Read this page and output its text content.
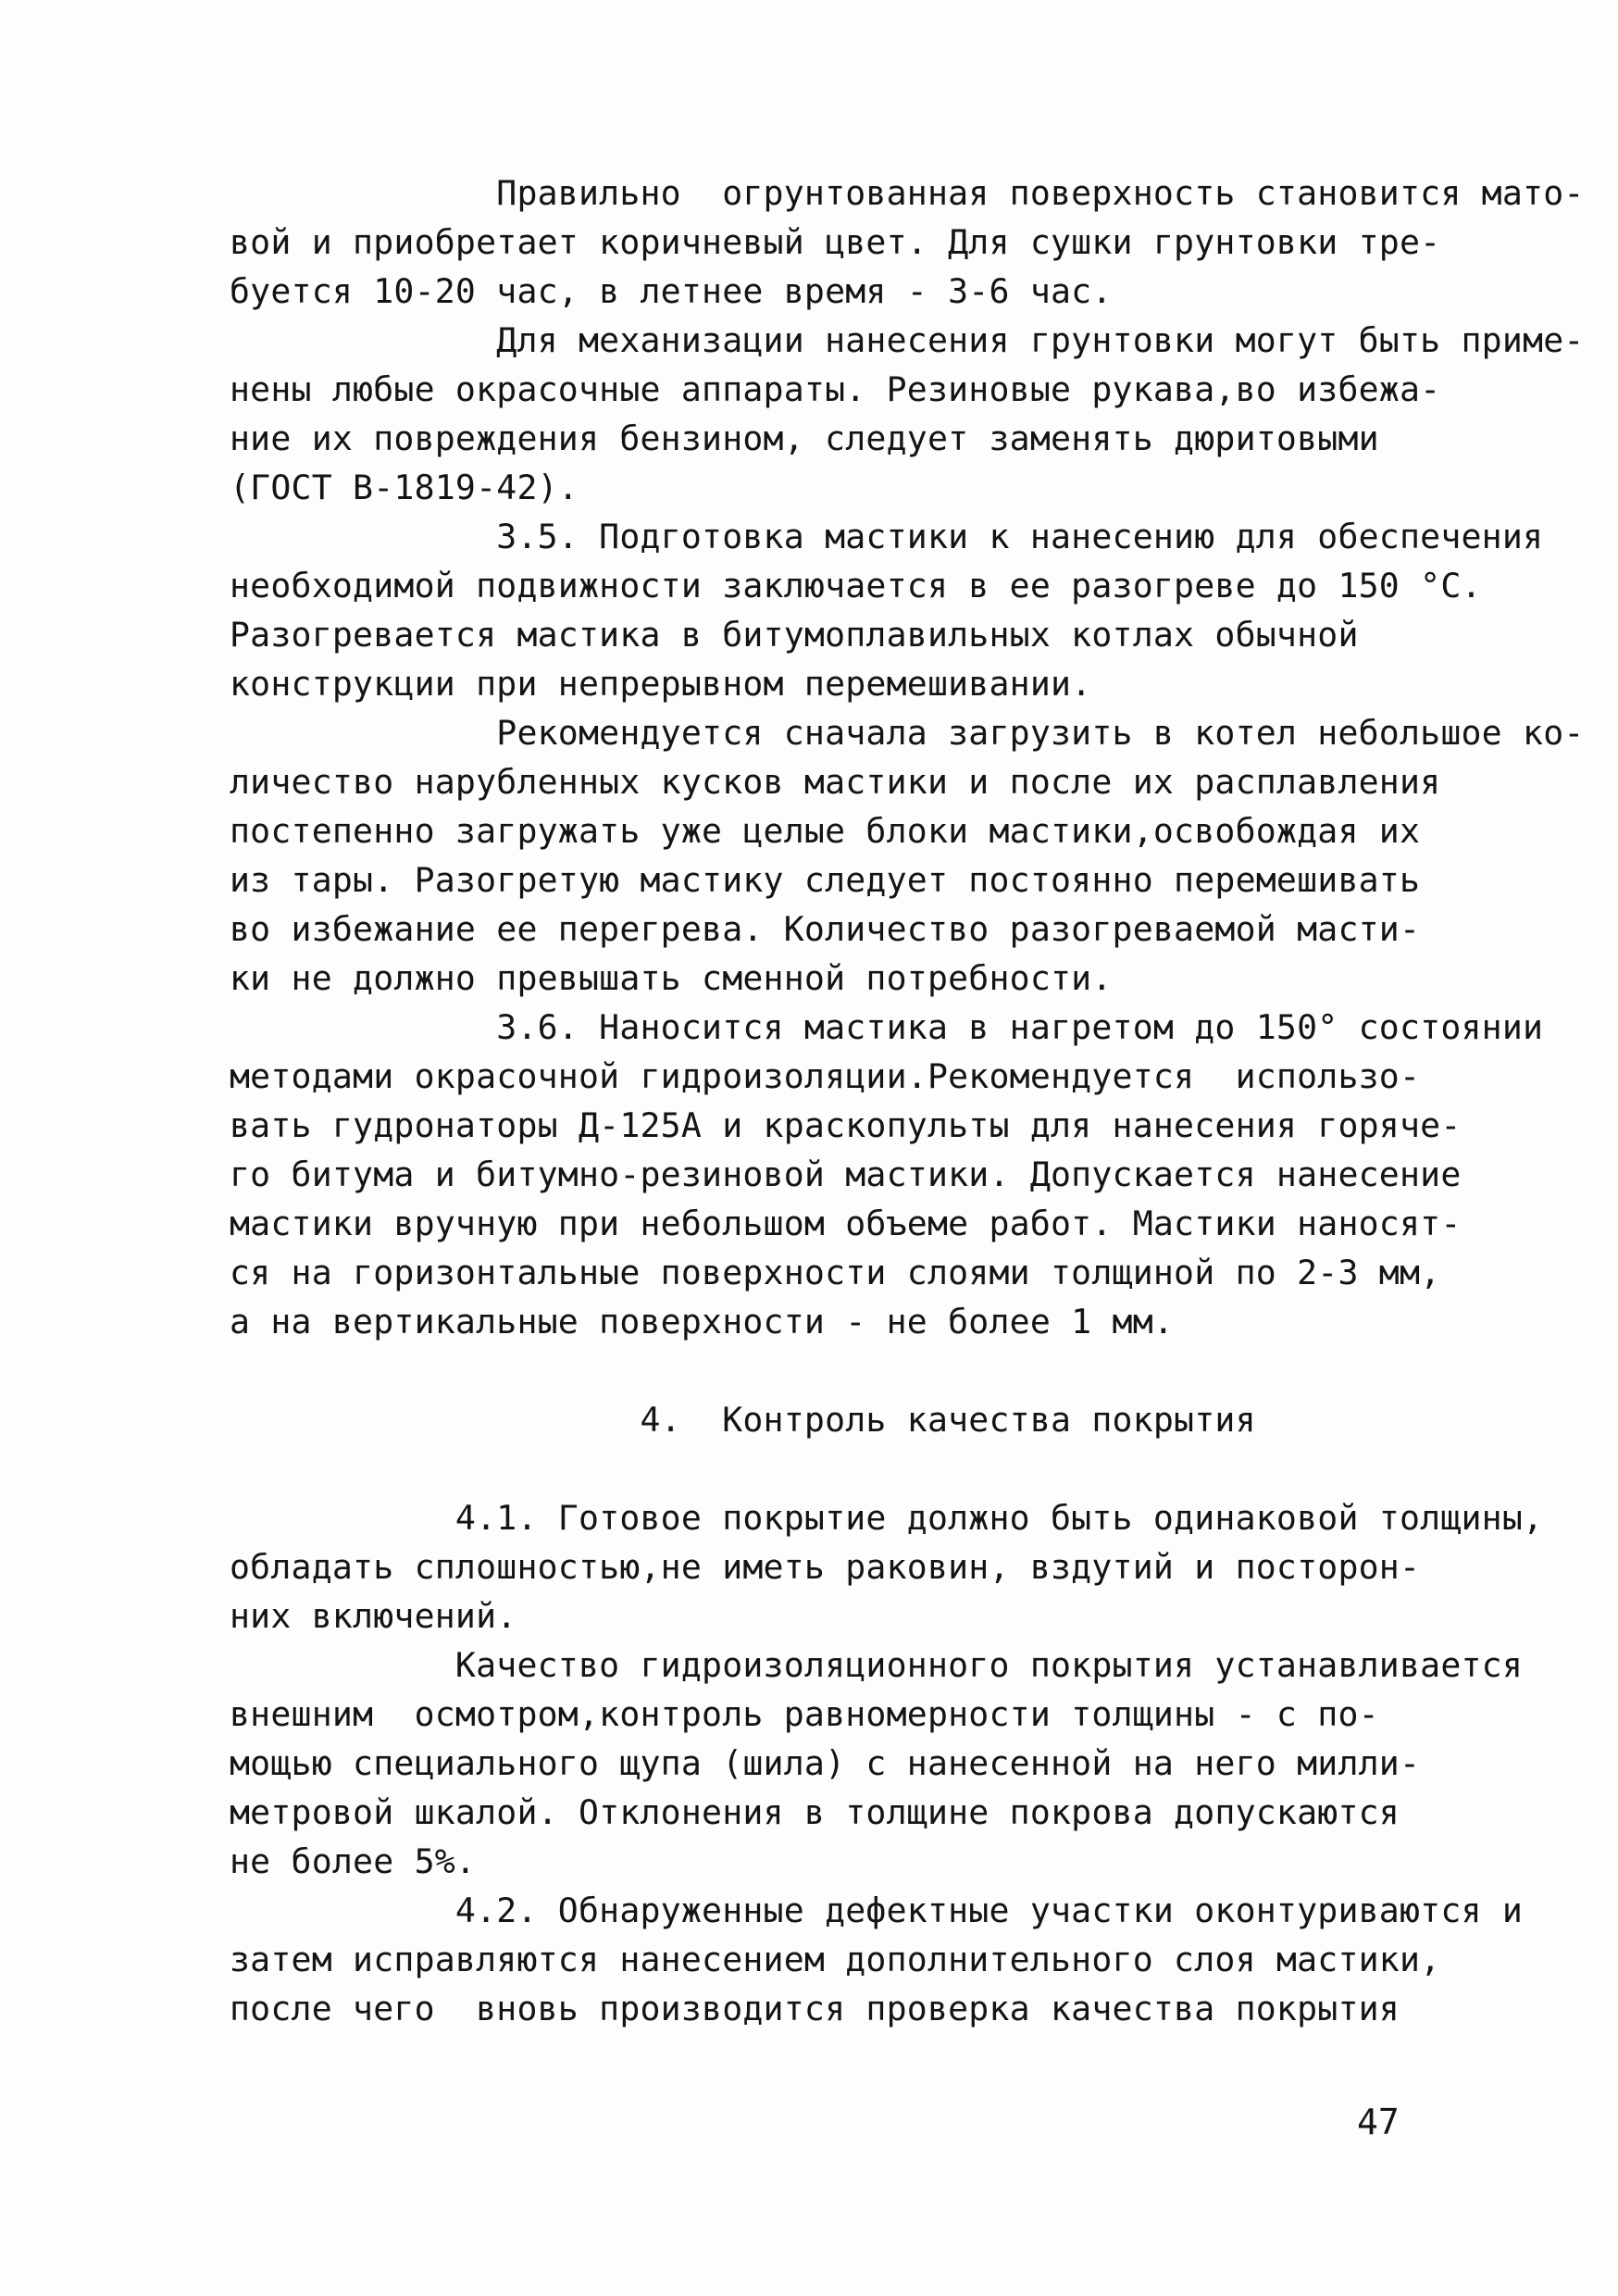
Правильно  огрунтованная поверхность становится мато-
вой и приобретает коричневый цвет. Для сушки грунтовки тре-
буется 10-20 час, в летнее время - 3-6 час.
Для механизации нанесения грунтовки могут быть приме-
нены любые окрасочные аппараты. Резиновые рукава,во избежа-
ние их повреждения бензином, следует заменять дюритовыми
(ГОСТ В-1819-42).
3.5. Подготовка мастики к нанесению для обеспечения
необходимой подвижности заключается в ее разогреве до 150 °С.
Разогревается мастика в битумоплавильных котлах обычной
конструкции при непрерывном перемешивании.
Рекомендуется сначала загрузить в котел небольшое ко-
личество нарубленных кусков мастики и после их расплавления
постепенно загружать уже целые блоки мастики,освобождая их
из тары. Разогретую мастику следует постоянно перемешивать
во избежание ее перегрева. Количество разогреваемой масти-
ки не должно превышать сменной потребности.
3.6. Наносится мастика в нагретом до 150° состоянии
методами окрасочной гидроизоляции.Рекомендуется  использо-
вать гудронаторы Д-125А и краскопульты для нанесения горяче-
го битума и битумно-резиновой мастики. Допускается нанесение
мастики вручную при небольшом объеме работ. Мастики наносят-
ся на горизонтальные поверхности слоями толщиной по 2-3 мм,
а на вертикальные поверхности - не более 1 мм.
4.  Контроль качества покрытия
4.1. Готовое покрытие должно быть одинаковой толщины,
обладать сплошностью,не иметь раковин, вздутий и посторон-
них включений.
Качество гидроизоляционного покрытия устанавливается
внешним  осмотром,контроль равномерности толщины - с по-
мощью специального щупа (шила) с нанесенной на него милли-
метровой шкалой. Отклонения в толщине покрова допускаются
не более 5%.
4.2. Обнаруженные дефектные участки оконтуриваются и
затем исправляются нанесением дополнительного слоя мастики,
после чего  вновь производится проверка качества покрытия
47
